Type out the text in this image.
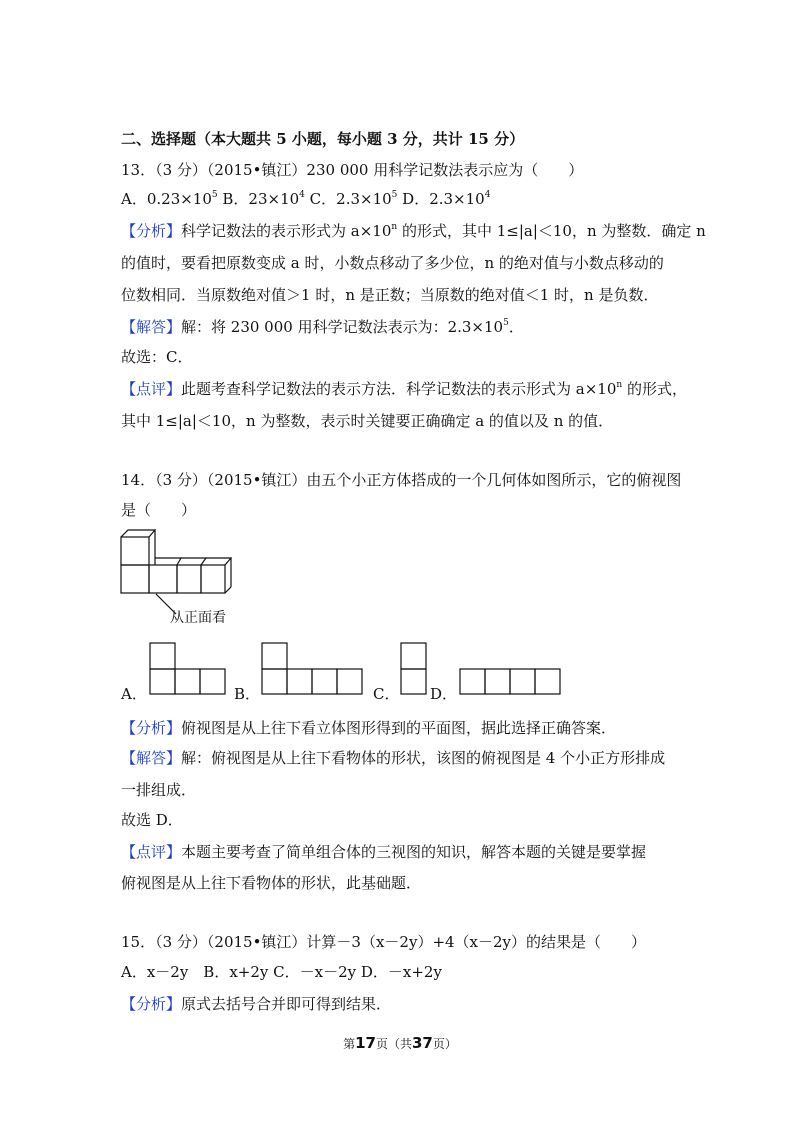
二、选择题（本大题共 5 小题，每小题 3 分，共计 15 分）
13．（3 分）（2015•镇江）230 000 用科学记数法表示应为（　　）
A．$0.23\times 10^5$ B．$23\times 10^4$ C．$2.3\times 10^5$ D．$2.3\times 10^4$
【分析】科学记数法的表示形式为 $a\times 10^n$ 的形式，其中 1≤|a|＜10，n 为整数．确定 n
的值时，要看把原数变成 a 时，小数点移动了多少位，n 的绝对值与小数点移动的
位数相同．当原数绝对值＞1 时，n 是正数；当原数的绝对值＜1 时，n 是负数．
【解答】解：将 230 000 用科学记数法表示为：$2.3\times 10^5$．
故选：C．
【点评】此题考查科学记数法的表示方法．科学记数法的表示形式为 $a\times 10^n$ 的形式，
其中 1≤|a|＜10，n 为整数，表示时关键要正确确定 a 的值以及 n 的值．
14．（3 分）（2015•镇江）由五个小正方体搭成的一个几何体如图所示，它的俯视图
是（　　）
从正面看
A．	B．	C． D．
【分析】俯视图是从上往下看立体图形得到的平面图，据此选择正确答案．
【解答】解：俯视图是从上往下看物体的形状，该图的俯视图是 4 个小正方形排成
一排组成．
故选 D．
【点评】本题主要考查了简单组合体的三视图的知识，解答本题的关键是要掌握
俯视图是从上往下看物体的形状，此基础题．
15．（3 分）（2015•镇江）计算－3（x－2y）+4（x－2y）的结果是（　　）
A．x－2y　B．x+2y C．－x－2y D．－x+2y
【分析】原式去括号合并即可得到结果．
第17页（共37页）
